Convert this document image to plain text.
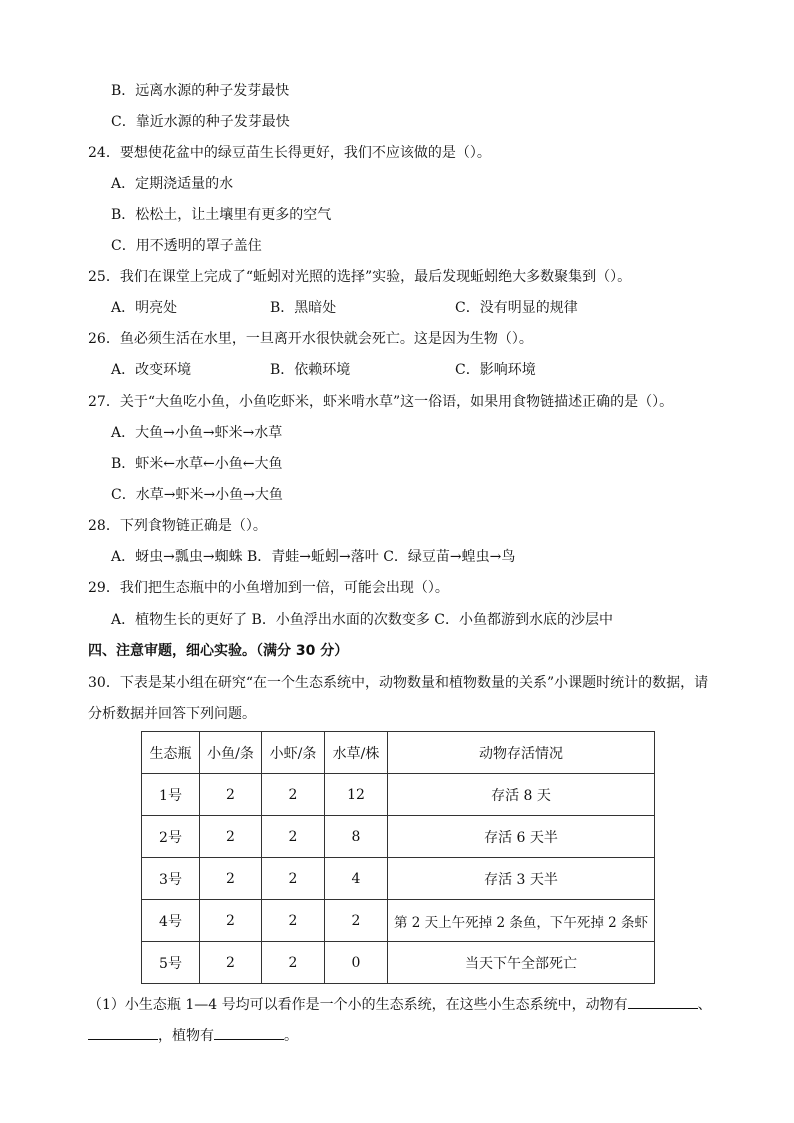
B．远离水源的种子发芽最快
C．靠近水源的种子发芽最快
24．要想使花盆中的绿豆苗生长得更好，我们不应该做的是（）。
A．定期浇适量的水
B．松松土，让土壤里有更多的空气
C．用不透明的罩子盖住
25．我们在课堂上完成了“蚯蚓对光照的选择”实验，最后发现蚯蚓绝大多数聚集到（）。
A．明亮处	B．黑暗处	C．没有明显的规律
26．鱼必须生活在水里，一旦离开水很快就会死亡。这是因为生物（）。
A．改变环境	B．依赖环境	C．影响环境
27．关于“大鱼吃小鱼，小鱼吃虾米，虾米啃水草”这一俗语，如果用食物链描述正确的是（）。
A．大鱼→小鱼→虾米→水草
B．虾米←水草←小鱼←大鱼
C．水草→虾米→小鱼→大鱼
28．下列食物链正确是（）。
A．蚜虫→瓢虫→蜘蛛 B．青蛙→蚯蚓→落叶 C．绿豆苗→蝗虫→鸟
29．我们把生态瓶中的小鱼增加到一倍，可能会出现（）。
A．植物生长的更好了 B．小鱼浮出水面的次数变多 C．小鱼都游到水底的沙层中
四、注意审题，细心实验。（满分 30 分）
30．下表是某小组在研究“在一个生态系统中，动物数量和植物数量的关系”小课题时统计的数据，请
分析数据并回答下列问题。
生态瓶	小鱼/条	小虾/条	水草/株	动物存活情况
1号	2	2	12	存活 8 天
2号	2	2	8	存活 6 天半
3号	2	2	4	存活 3 天半
4号	2	2	2	第 2 天上午死掉 2 条鱼，下午死掉 2 条虾
5号	2	2	0	当天下午全部死亡
（1）小生态瓶 1—4 号均可以看作是一个小的生态系统，在这些小生态系统中，动物有	、
，植物有	。
